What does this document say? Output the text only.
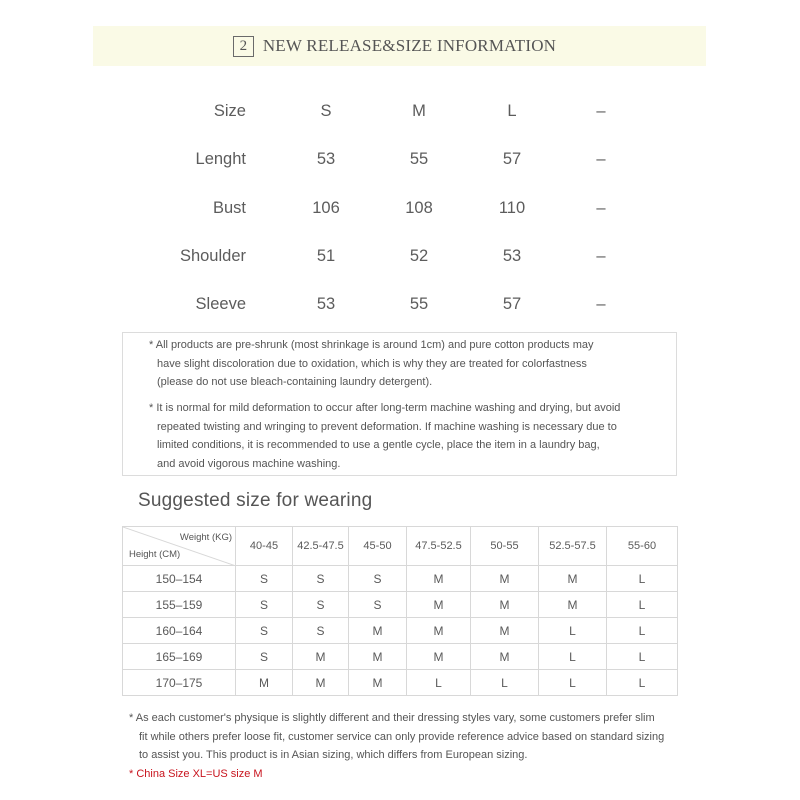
2 NEW RELEASE&SIZE INFORMATION
Size	S	M	L	–
Lenght	53	55	57	–
Bust	106	108	110	–
Shoulder	51	52	53	–
Sleeve	53	55	57	–
* All products are pre-shrunk (most shrinkage is around 1cm) and pure cotton products may
have slight discoloration due to oxidation, which is why they are treated for colorfastness
(please do not use bleach-containing laundry detergent).
* It is normal for mild deformation to occur after long-term machine washing and drying, but avoid
repeated twisting and wringing to prevent deformation. If machine washing is necessary due to
limited conditions, it is recommended to use a gentle cycle, place the item in a laundry bag,
and avoid vigorous machine washing.
Suggested size for wearing
Weight (KG)
Height (CM)	40-45	42.5-47.5	45-50	47.5-52.5	50-55	52.5-57.5	55-60
150–154	S	S	S	M	M	M	L
155–159	S	S	S	M	M	M	L
160–164	S	S	M	M	M	L	L
165–169	S	M	M	M	M	L	L
170–175	M	M	M	L	L	L	L
* As each customer's physique is slightly different and their dressing styles vary, some customers prefer slim
fit while others prefer loose fit, customer service can only provide reference advice based on standard sizing
to assist you. This product is in Asian sizing, which differs from European sizing.
* China Size XL=US size M
